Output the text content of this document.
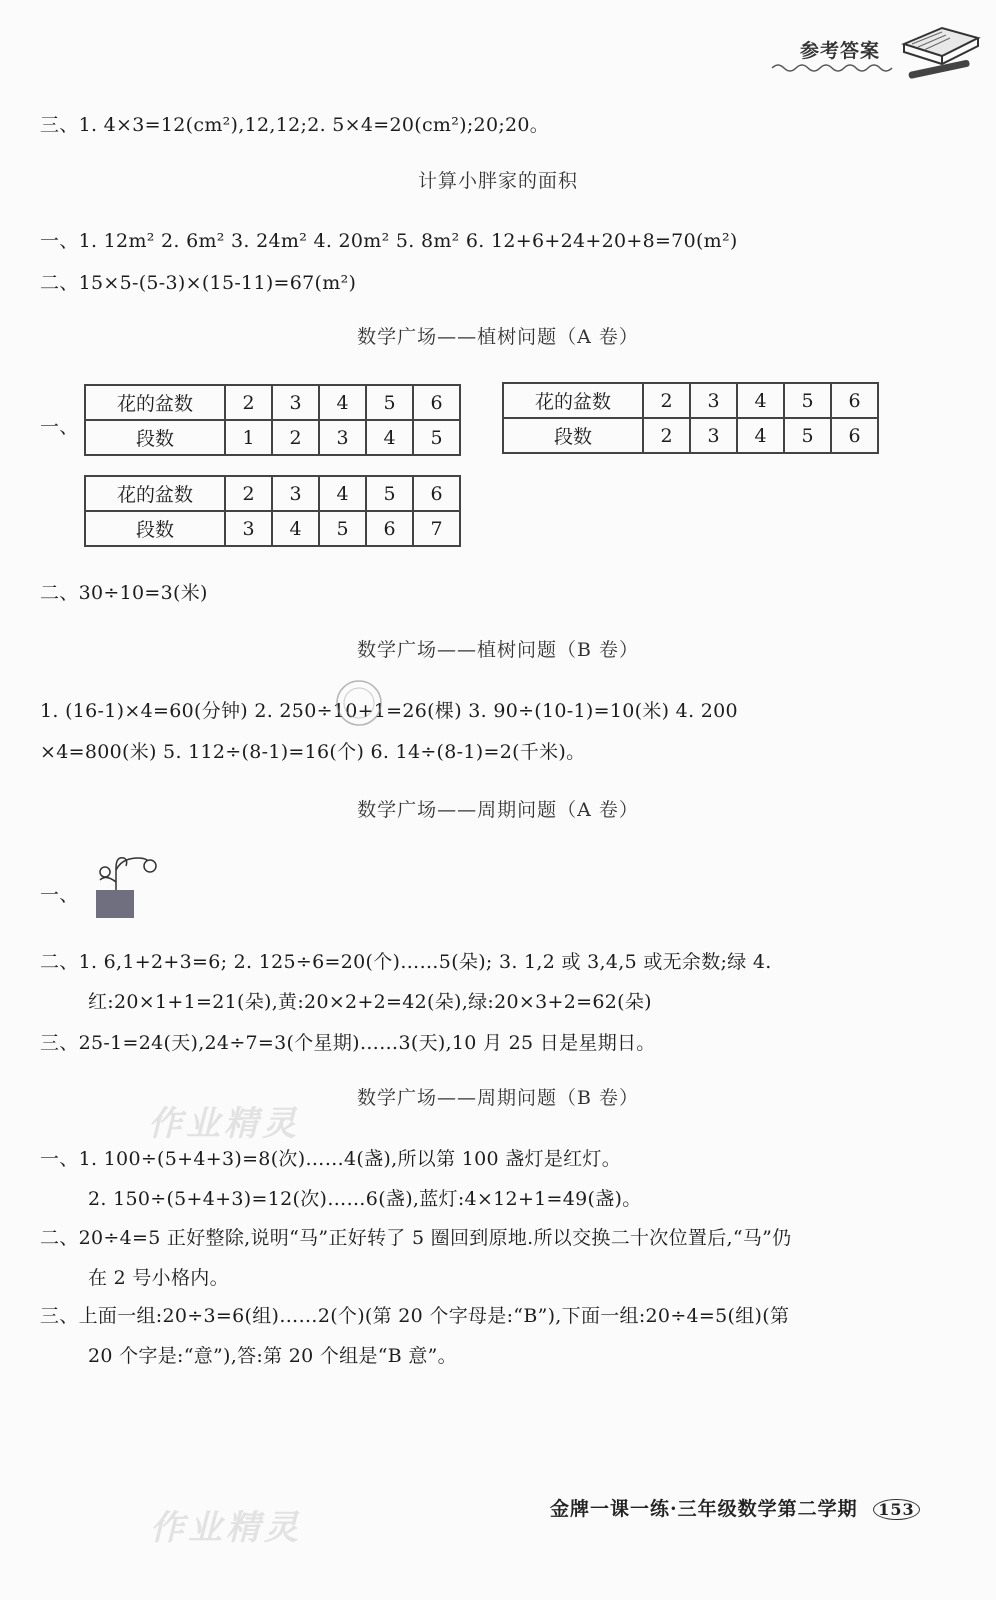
参考答案
三、1. 4×3=12(cm²),12,12;2. 5×4=20(cm²);20;20。
计算小胖家的面积
一、1. 12m² 2. 6m² 3. 24m² 4. 20m² 5. 8m² 6. 12+6+24+20+8=70(m²)
二、15×5-(5-3)×(15-11)=67(m²)
数学广场——植树问题（A 卷）
一、
花的盆数	2	3	4	5	6
段数	1	2	3	4	5
花的盆数	2	3	4	5	6
段数	2	3	4	5	6
花的盆数	2	3	4	5	6
段数	3	4	5	6	7
二、30÷10=3(米)
数学广场——植树问题（B 卷）
1. (16-1)×4=60(分钟) 2. 250÷10+1=26(棵) 3. 90÷(10-1)=10(米) 4. 200
×4=800(米) 5. 112÷(8-1)=16(个) 6. 14÷(8-1)=2(千米)。
数学广场——周期问题（A 卷）
一、
二、1. 6,1+2+3=6; 2. 125÷6=20(个)……5(朵); 3. 1,2 或 3,4,5 或无余数;绿 4.
红:20×1+1=21(朵),黄:20×2+2=42(朵),绿:20×3+2=62(朵)
三、25-1=24(天),24÷7=3(个星期)……3(天),10 月 25 日是星期日。
数学广场——周期问题（B 卷）
作业精灵
一、1. 100÷(5+4+3)=8(次)……4(盏),所以第 100 盏灯是红灯。
2. 150÷(5+4+3)=12(次)……6(盏),蓝灯:4×12+1=49(盏)。
二、20÷4=5 正好整除,说明“马”正好转了 5 圈回到原地.所以交换二十次位置后,“马”仍
在 2 号小格内。
三、上面一组:20÷3=6(组)……2(个)(第 20 个字母是:“B”),下面一组:20÷4=5(组)(第
20 个字是:“意”),答:第 20 个组是“B 意”。
作业精灵	金牌一课一练·三年级数学第二学期 153
